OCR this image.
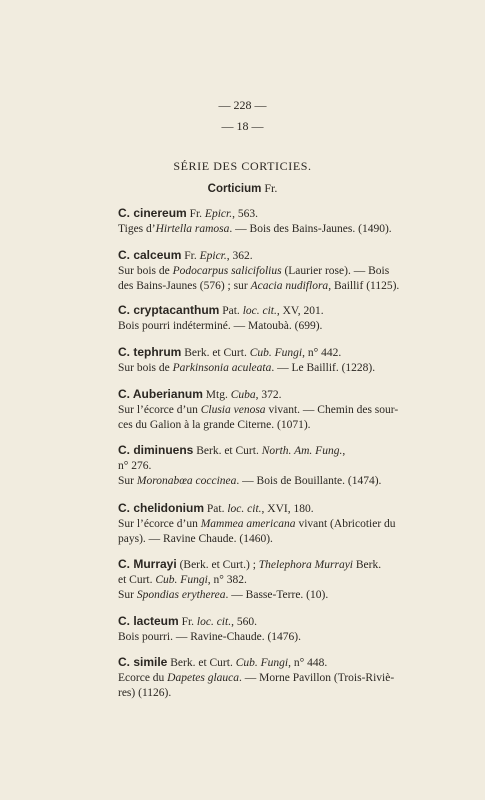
— 228 —
— 18 —
SÉRIE DES CORTICIES.
Corticium Fr.
C. cinereum Fr. Epicr., 563.
Tiges d’Hirtella ramosa. — Bois des Bains-Jaunes. (1490).
C. calceum Fr. Epicr., 362.
Sur bois de Podocarpus salicifolius (Laurier rose). — Bois
des Bains-Jaunes (576) ; sur Acacia nudiflora, Baillif (1125).
C. cryptacanthum Pat. loc. cit., XV, 201.
Bois pourri indéterminé. — Matoubà. (699).
C. tephrum Berk. et Curt. Cub. Fungi, n° 442.
Sur bois de Parkinsonia aculeata. — Le Baillif. (1228).
C. Auberianum Mtg. Cuba, 372.
Sur l’écorce d’un Clusia venosa vivant. — Chemin des sour-
ces du Galion à la grande Citerne. (1071).
C. diminuens Berk. et Curt. North. Am. Fung.,
n° 276.
Sur Moronabœa coccinea. — Bois de Bouillante. (1474).
C. chelidonium Pat. loc. cit., XVI, 180.
Sur l’écorce d’un Mammea americana vivant (Abricotier du
pays). — Ravine Chaude. (1460).
C. Murrayi (Berk. et Curt.) ; Thelephora Murrayi Berk.
et Curt. Cub. Fungi, n° 382.
Sur Spondias erytherea. — Basse-Terre. (10).
C. lacteum Fr. loc. cit., 560.
Bois pourri. — Ravine-Chaude. (1476).
C. simile Berk. et Curt. Cub. Fungi, n° 448.
Ecorce du Dapetes glauca. — Morne Pavillon (Trois-Riviè-
res) (1126).
